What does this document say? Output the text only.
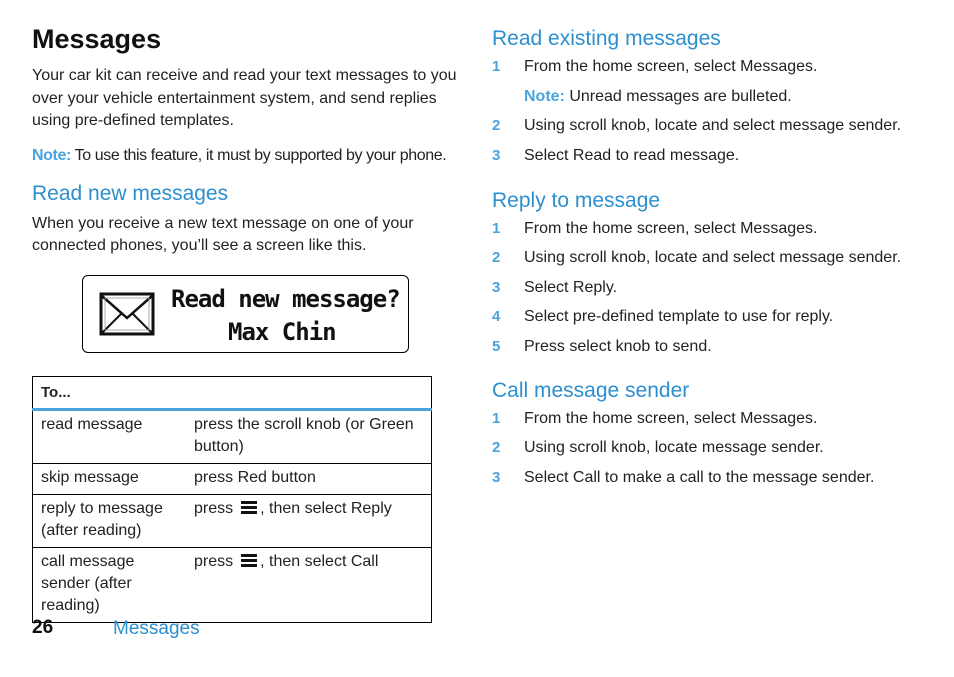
Messages

Your car kit can receive and read your text messages to you over your vehicle entertainment system, and send replies using pre-defined templates.

Note: To use this feature, it must by supported by your phone.

Read new messages

When you receive a new text message on one of your connected phones, you’ll see a screen like this.

Read new message?
Max Chin
To...	
read message	press the scroll knob (or Green button)
skip message	press Red button
reply to message (after reading)	press , then select Reply
call message sender (after reading)	press , then select Call
Read existing messages
1 From the home screen, select Messages.

Note: Unread messages are bulleted.

2 Using scroll knob, locate and select message sender.
3 Select Read to read message.
Reply to message
1 From the home screen, select Messages.
2 Using scroll knob, locate and select message sender.
3 Select Reply.
4 Select pre-defined template to use for reply.
5 Press select knob to send.
Call message sender
1 From the home screen, select Messages.
2 Using scroll knob, locate message sender.
3 Select Call to make a call to the message sender.
26	Messages
